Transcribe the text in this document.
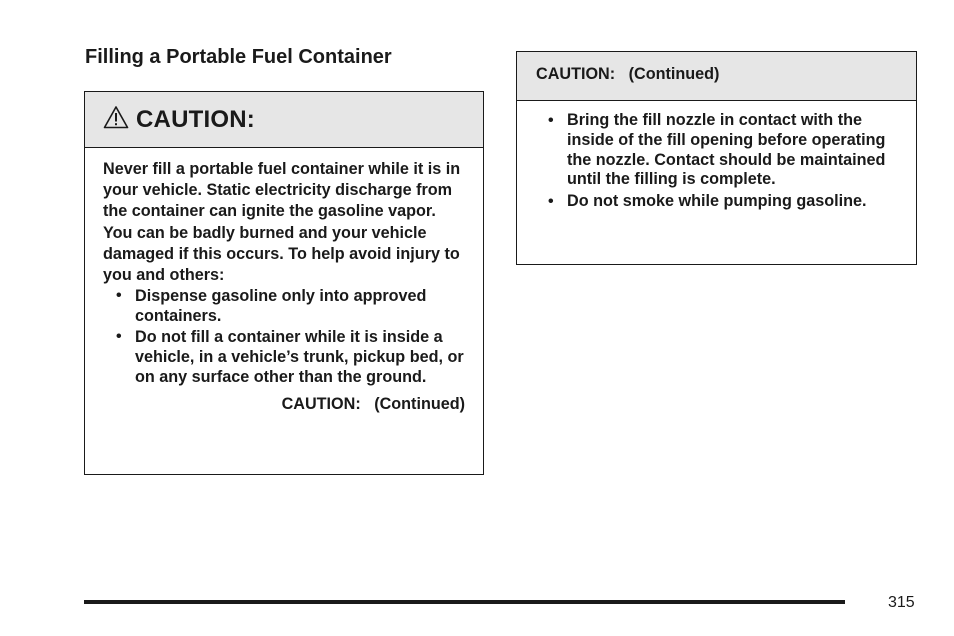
Filling a Portable Fuel Container
CAUTION:

Never fill a portable fuel container while it is in your vehicle. Static electricity discharge from the container can ignite the gasoline vapor. You can be badly burned and your vehicle damaged if this occurs. To help avoid injury to you and others:

• Dispense gasoline only into approved containers.
• Do not fill a container while it is inside a vehicle, in a vehicle’s trunk, pickup bed, or on any surface other than the ground.
CAUTION:   (Continued)
CAUTION:   (Continued)
• Bring the fill nozzle in contact with the inside of the fill opening before operating the nozzle. Contact should be maintained until the filling is complete.
• Do not smoke while pumping gasoline.
315
